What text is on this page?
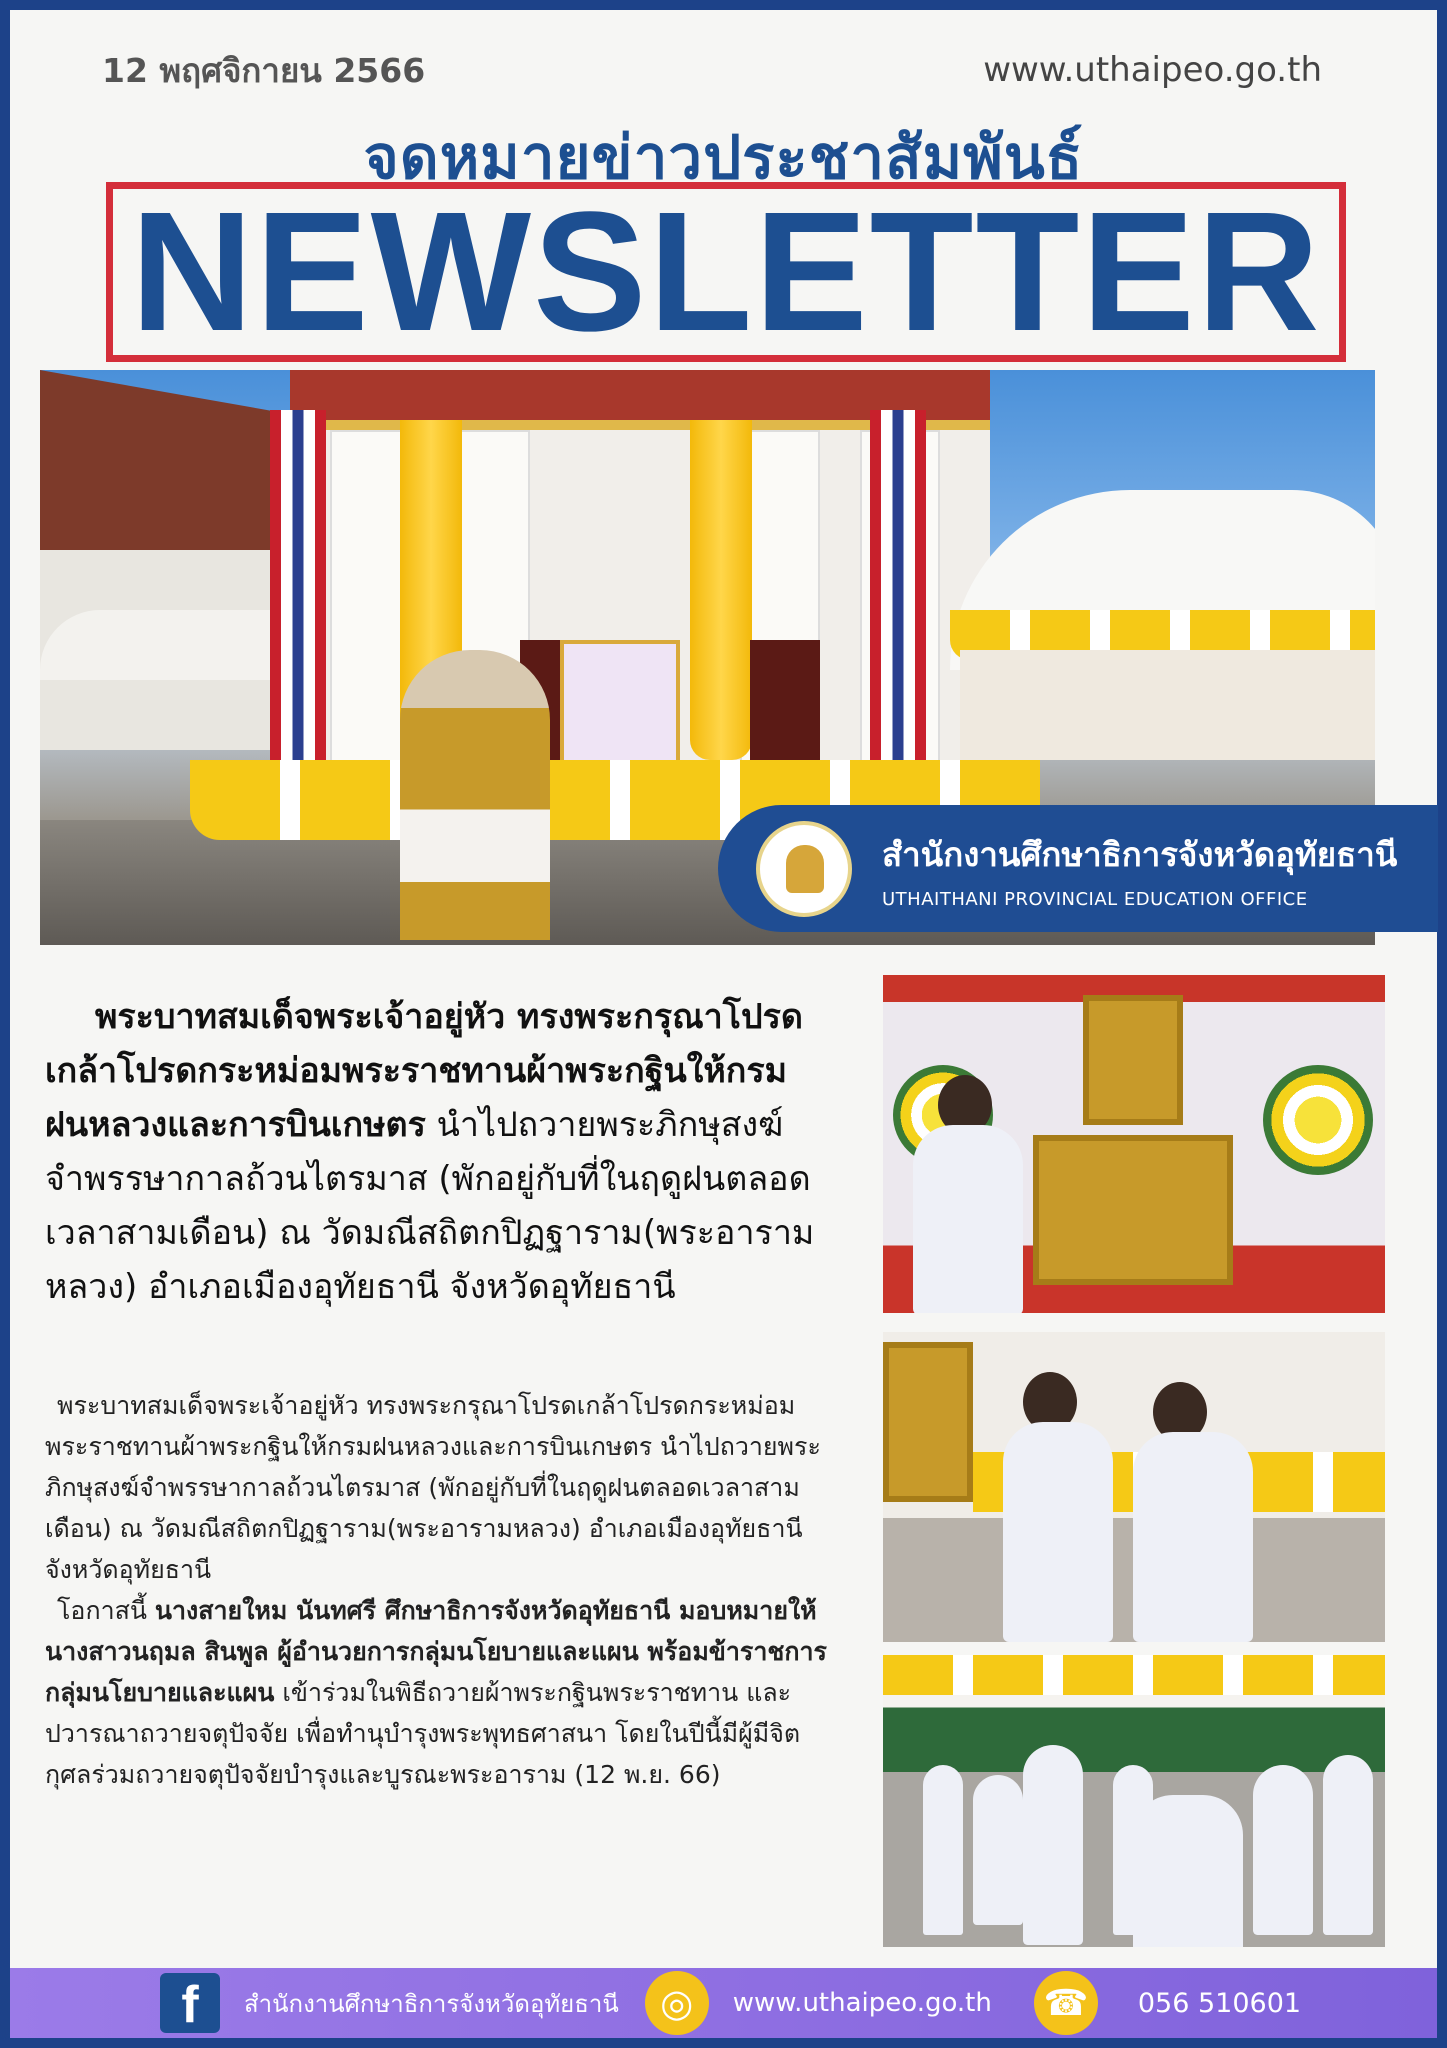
12 พฤศจิกายน 2566	www.uthaipeo.go.th
จดหมายข่าวประชาสัมพันธ์
NEWSLETTER
สำนักงานศึกษาธิการจังหวัดอุทัยธานี
UTHAITHANI PROVINCIAL EDUCATION OFFICE
พระบาทสมเด็จพระเจ้าอยู่หัว ทรงพระกรุณาโปรดเกล้าโปรดกระหม่อมพระราชทานผ้าพระกฐินให้กรมฝนหลวงและการบินเกษตร นำไปถวายพระภิกษุสงฆ์จำพรรษากาลถ้วนไตรมาส (พักอยู่กับที่ในฤดูฝนตลอดเวลาสามเดือน) ณ วัดมณีสถิตกปิฏฐาราม(พระอารามหลวง) อำเภอเมืองอุทัยธานี จังหวัดอุทัยธานี

พระบาทสมเด็จพระเจ้าอยู่หัว ทรงพระกรุณาโปรดเกล้าโปรดกระหม่อมพระราชทานผ้าพระกฐินให้กรมฝนหลวงและการบินเกษตร นำไปถวายพระภิกษุสงฆ์จำพรรษากาลถ้วนไตรมาส (พักอยู่กับที่ในฤดูฝนตลอดเวลาสามเดือน) ณ วัดมณีสถิตกปิฏฐาราม(พระอารามหลวง) อำเภอเมืองอุทัยธานี จังหวัดอุทัยธานี

โอกาสนี้ นางสายใหม นันทศรี ศึกษาธิการจังหวัดอุทัยธานี มอบหมายให้นางสาวนฤมล สินพูล ผู้อำนวยการกลุ่มนโยบายและแผน พร้อมข้าราชการกลุ่มนโยบายและแผน เข้าร่วมในพิธีถวายผ้าพระกฐินพระราชทาน และปวารณาถวายจตุปัจจัย เพื่อทำนุบำรุงพระพุทธศาสนา โดยในปีนี้มีผู้มีจิตกุศลร่วมถวายจตุปัจจัยบำรุงและบูรณะพระอาราม (12 พ.ย. 66)

f	สำนักงานศึกษาธิการจังหวัดอุทัยธานี	◎	www.uthaipeo.go.th ☎	056 510601
